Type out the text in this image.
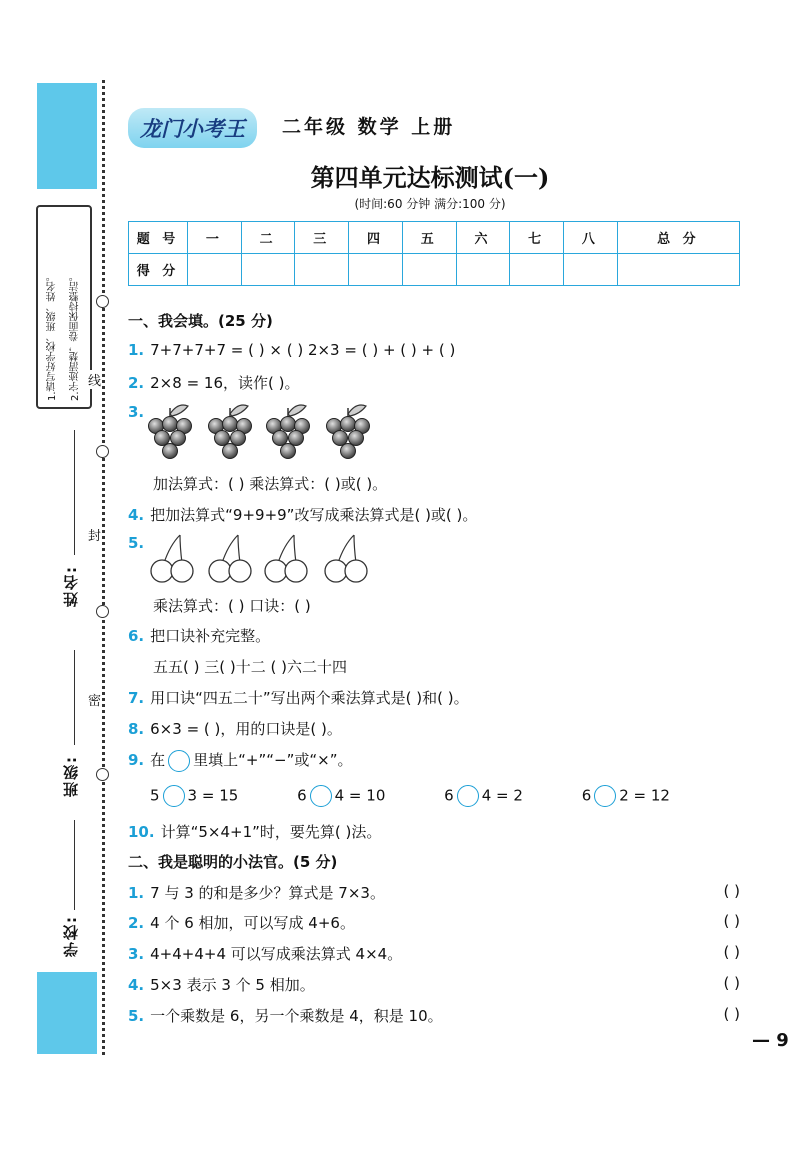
1.请写好学校、班级、姓名。 2.字迹清楚，卷面保持整洁。
学校:
班级:
姓名:
密
封
线
龙门小考王	二年级 数学 上册
第四单元达标测试(一)
(时间:60 分钟 满分:100 分)
题 号	一	二	三	四	五	六	七	八	总 分
得 分									
一、我会填。(25 分)
1. 7+7+7+7 = ( ) × ( ) 2×3 = ( ) + ( ) + ( )
2. 2×8 = 16，读作( )。
3.
加法算式：( ) 乘法算式：( )或( )。
4. 把加法算式“9+9+9”改写成乘法算式是( )或( )。
5.
乘法算式：( ) 口诀：( )
6. 把口诀补充完整。
五五( ) 三( )十二 ( )六二十四
7. 用口诀“四五二十”写出两个乘法算式是( )和( )。
8. 6×3 = ( )，用的口诀是( )。
9. 在 里填上“+”“−”或“×”。
5 3 = 15	6 4 = 10	6 4 = 2	6 2 = 12
10. 计算“5×4+1”时，要先算( )法。
二、我是聪明的小法官。(5 分)
1. 7 与 3 的和是多少？算式是 7×3。	( )
2. 4 个 6 相加，可以写成 4+6。	( )
3. 4+4+4+4 可以写成乘法算式 4×4。	( )
4. 5×3 表示 3 个 5 相加。	( )
5. 一个乘数是 6，另一个乘数是 4，积是 10。	( )
— 9
